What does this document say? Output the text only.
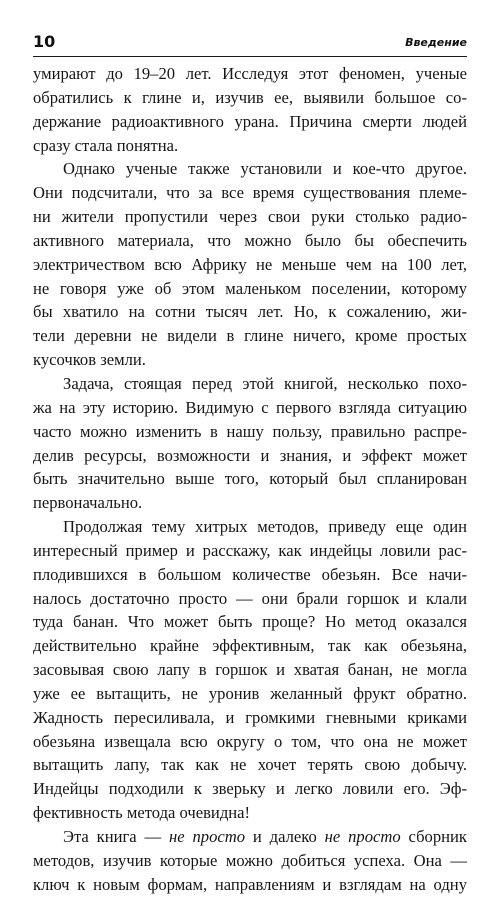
10	Введение

умирают до 19–20 лет. Исследуя этот феномен, ученые
обратились к глине и, изучив ее, выявили большое со-
держание радиоактивного урана. Причина смерти людей
сразу стала понятна.

Однако ученые также установили и кое-что другое.
Они подсчитали, что за все время существования племе-
ни жители пропустили через свои руки столько радио-
активного материала, что можно было бы обеспечить
электричеством всю Африку не меньше чем на 100 лет,
не говоря уже об этом маленьком поселении, которому
бы хватило на сотни тысяч лет. Но, к сожалению, жи-
тели деревни не видели в глине ничего, кроме простых
кусочков земли.

Задача, стоящая перед этой книгой, несколько похо-
жа на эту историю. Видимую с первого взгляда ситуацию
часто можно изменить в нашу пользу, правильно распре-
делив ресурсы, возможности и знания, и эффект может
быть значительно выше того, который был спланирован
первоначально.

Продолжая тему хитрых методов, приведу еще один
интересный пример и расскажу, как индейцы ловили рас-
плодившихся в большом количестве обезьян. Все начи-
налось достаточно просто — они брали горшок и клали
туда банан. Что может быть проще? Но метод оказался
действительно крайне эффективным, так как обезьяна,
засовывая свою лапу в горшок и хватая банан, не могла
уже ее вытащить, не уронив желанный фрукт обратно.
Жадность пересиливала, и громкими гневными криками
обезьяна извещала всю округу о том, что она не может
вытащить лапу, так как не хочет терять свою добычу.
Индейцы подходили к зверьку и легко ловили его. Эф-
фективность метода очевидна!

Эта книга — не просто и далеко не просто сборник
методов, изучив которые можно добиться успеха. Она —
ключ к новым формам, направлениям и взглядам на одну
